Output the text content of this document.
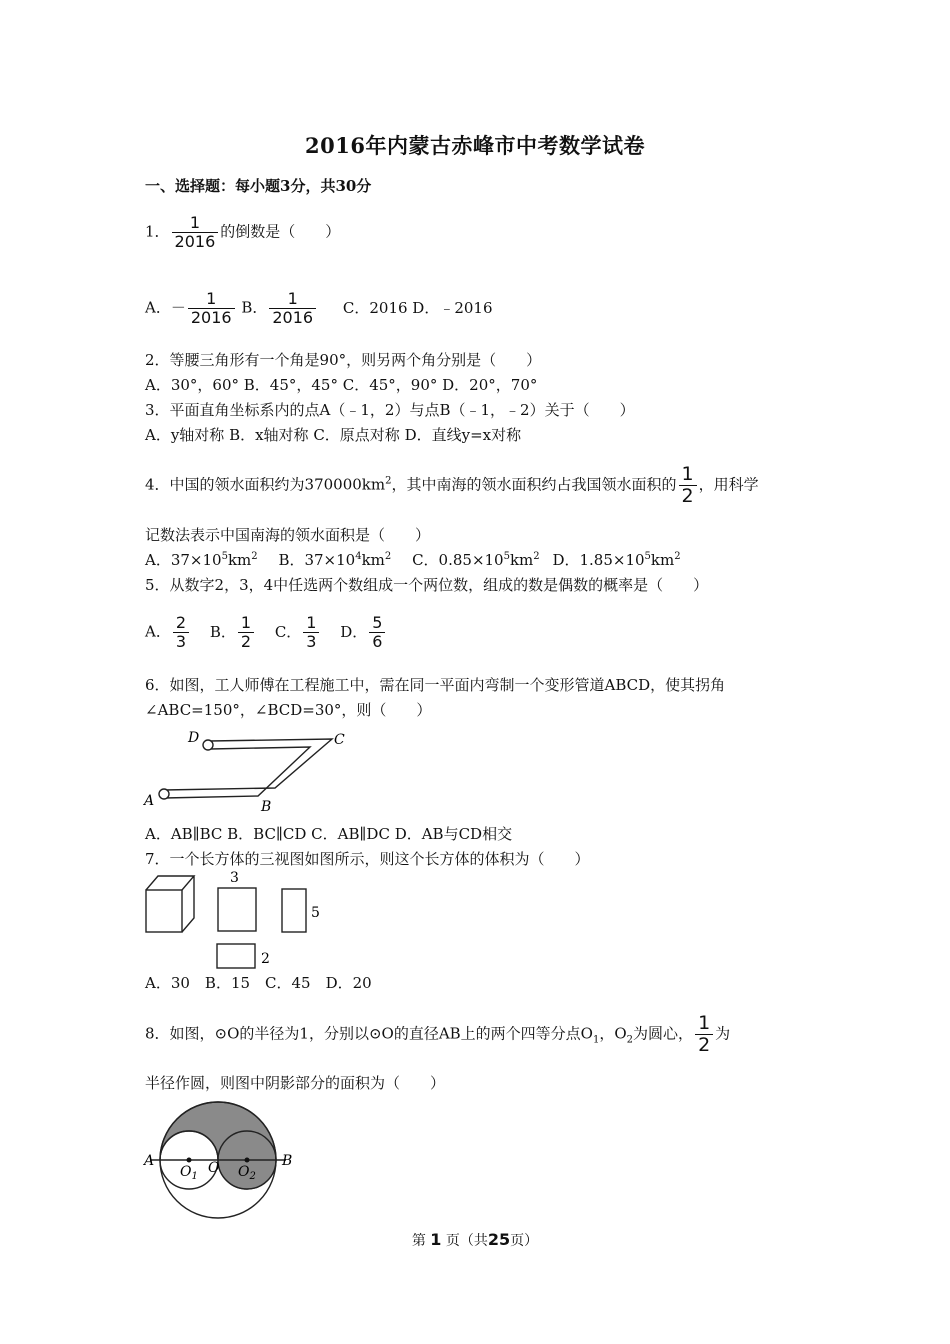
2016年内蒙古赤峰市中考数学试卷
一、选择题：每小题3分，共30分
1． $\frac{1}{2016}$ 的倒数是（　　）
A．－ $\frac{1}{2016}$ B． $\frac{1}{2016}$ C．2016 D．﹣2016
2．等腰三角形有一个角是90°，则另两个角分别是（　　）
A．30°，60° B．45°，45° C．45°，90° D．20°，70°
3．平面直角坐标系内的点A（﹣1，2）与点B（﹣1，﹣2）关于（　　）
A．y轴对称 B．x轴对称 C．原点对称 D．直线y=x对称
4．中国的领水面积约为$370000km^2$，其中南海的领水面积约占我国领水面积的 $\frac{1}{2}$ ，用科学
记数法表示中国南海的领水面积是（　　）
A．$37\times 10^5km^2$ B．$37\times 10^4km^2$ C．$0.85\times 10^5km^2$ D．$1.85\times 10^5km^2$
5．从数字2，3，4中任选两个数组成一个两位数，组成的数是偶数的概率是（　　）
A． $\frac{2}{3}$ B． $\frac{1}{2}$ C． $\frac{1}{3}$ D． $\frac{5}{6}$
6．如图，工人师傅在工程施工中，需在同一平面内弯制一个变形管道ABCD，使其拐角
∠ABC=150°，∠BCD=30°，则（　　）
D	C
A	B
A．AB∥BC B．BC∥CD C．AB∥DC D．AB与CD相交
7．一个长方体的三视图如图所示，则这个长方体的体积为（　　）
3
5
2
A．30　B．15　C．45　D．20
8．如图，⊙O的半径为1，分别以⊙O的直径AB上的两个四等分点$O_1$，$O_2$为圆心， $\frac{1}{2}$ 为
半径作圆，则图中阴影部分的面积为（　　）
A
$O_1$
O $O_2$
B
第 1 页（共25页）
